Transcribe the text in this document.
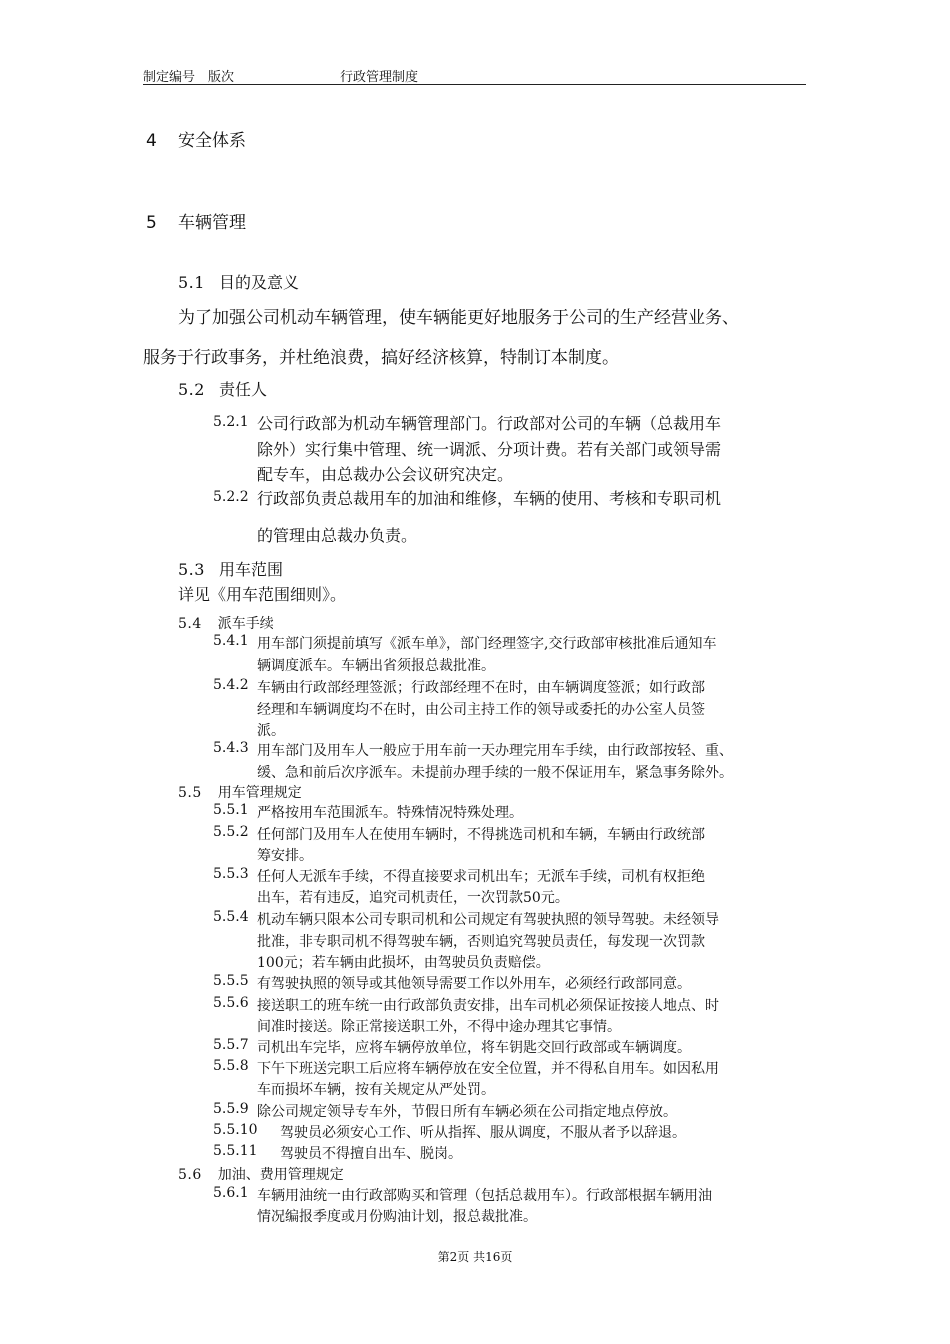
制定编号　版次	行政管理制度
4 安全体系
5 车辆管理
5.1 目的及意义
为了加强公司机动车辆管理，使车辆能更好地服务于公司的生产经营业务、
服务于行政事务，并杜绝浪费，搞好经济核算，特制订本制度。
5.2 责任人
5.2.1 公司行政部为机动车辆管理部门。行政部对公司的车辆（总裁用车
除外）实行集中管理、统一调派、分项计费。若有关部门或领导需
配专车，由总裁办公会议研究决定。
5.2.2 行政部负责总裁用车的加油和维修，车辆的使用、考核和专职司机
的管理由总裁办负责。
5.3 用车范围
详见《用车范围细则》。
5.4 派车手续
5.4.1 用车部门须提前填写《派车单》，部门经理签字,交行政部审核批准后通知车
辆调度派车。车辆出省须报总裁批准。
5.4.2 车辆由行政部经理签派；行政部经理不在时，由车辆调度签派；如行政部
经理和车辆调度均不在时，由公司主持工作的领导或委托的办公室人员签
派。
5.4.3 用车部门及用车人一般应于用车前一天办理完用车手续，由行政部按轻、重、
缓、急和前后次序派车。未提前办理手续的一般不保证用车，紧急事务除外。
5.5 用车管理规定
5.5.1 严格按用车范围派车。特殊情况特殊处理。
5.5.2 任何部门及用车人在使用车辆时，不得挑选司机和车辆，车辆由行政统部
筹安排。
5.5.3 任何人无派车手续，不得直接要求司机出车；无派车手续，司机有权拒绝
出车，若有违反，追究司机责任，一次罚款50元。
5.5.4 机动车辆只限本公司专职司机和公司规定有驾驶执照的领导驾驶。未经领导
批准，非专职司机不得驾驶车辆，否则追究驾驶员责任，每发现一次罚款
100元；若车辆由此损坏，由驾驶员负责赔偿。
5.5.5 有驾驶执照的领导或其他领导需要工作以外用车，必须经行政部同意。
5.5.6 接送职工的班车统一由行政部负责安排，出车司机必须保证按接人地点、时
间准时接送。除正常接送职工外，不得中途办理其它事情。
5.5.7 司机出车完毕，应将车辆停放单位，将车钥匙交回行政部或车辆调度。
5.5.8 下午下班送完职工后应将车辆停放在安全位置，并不得私自用车。如因私用
车而损坏车辆，按有关规定从严处罚。
5.5.9 除公司规定领导专车外，节假日所有车辆必须在公司指定地点停放。
5.5.10 驾驶员必须安心工作、听从指挥、服从调度，不服从者予以辞退。
5.5.11 驾驶员不得擅自出车、脱岗。
5.6 加油、费用管理规定
5.6.1 车辆用油统一由行政部购买和管理（包括总裁用车）。行政部根据车辆用油
情况编报季度或月份购油计划，报总裁批准。
第2页 共16页
